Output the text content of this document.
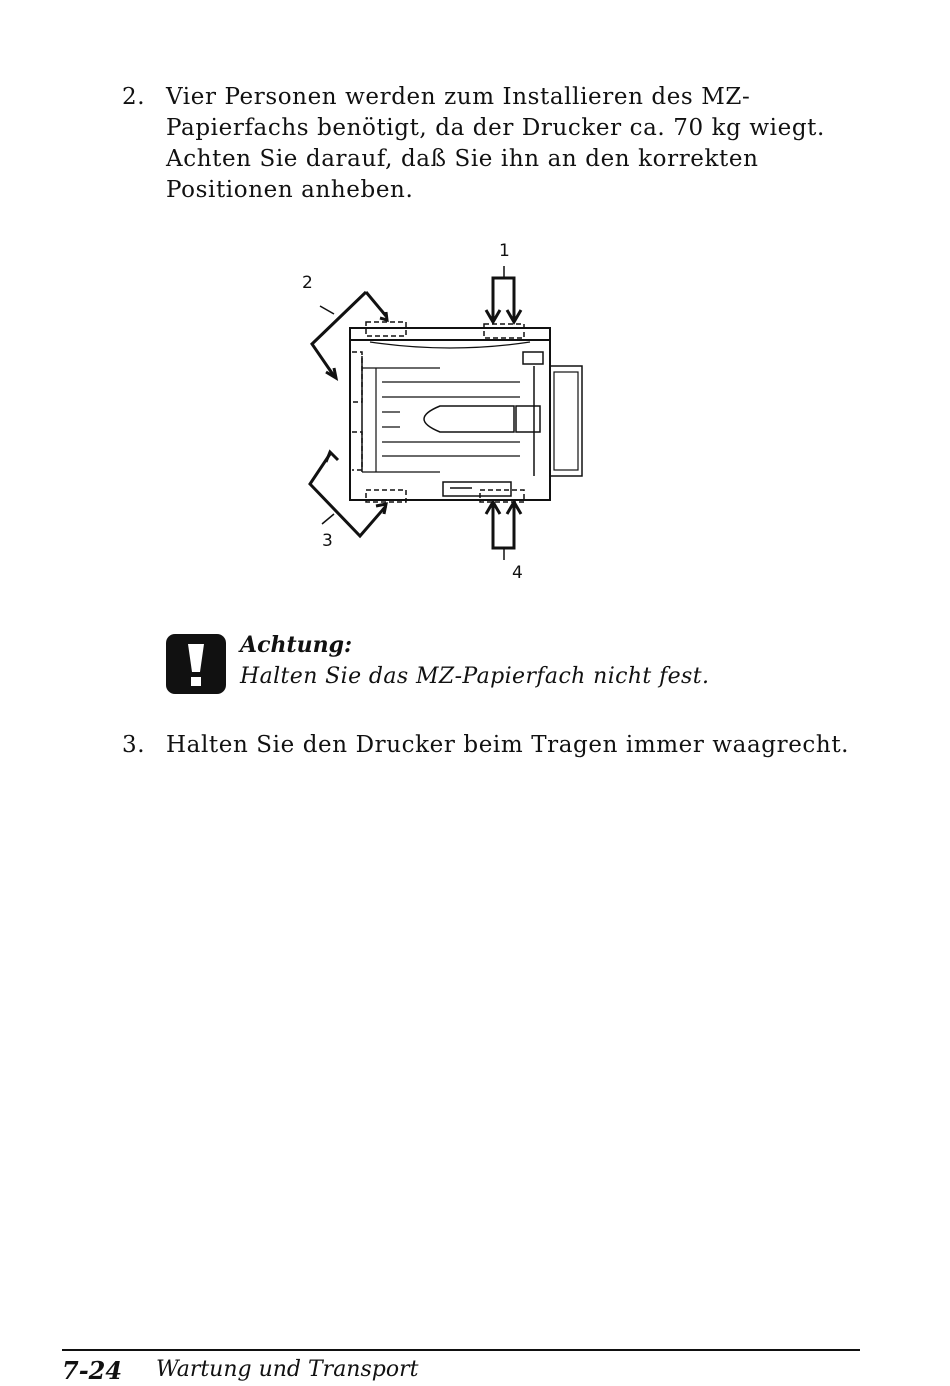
2. Vier Personen werden zum Installieren des MZ-Papierfachs benötigt, da der Drucker ca. 70 kg wiegt. Achten Sie darauf, daß Sie ihn an den korrekten Positionen anheben.
1
2
3
4
Achtung:
Halten Sie das MZ-Papierfach nicht fest.
3. Halten Sie den Drucker beim Tragen immer waagrecht.
7-24 Wartung und Transport
